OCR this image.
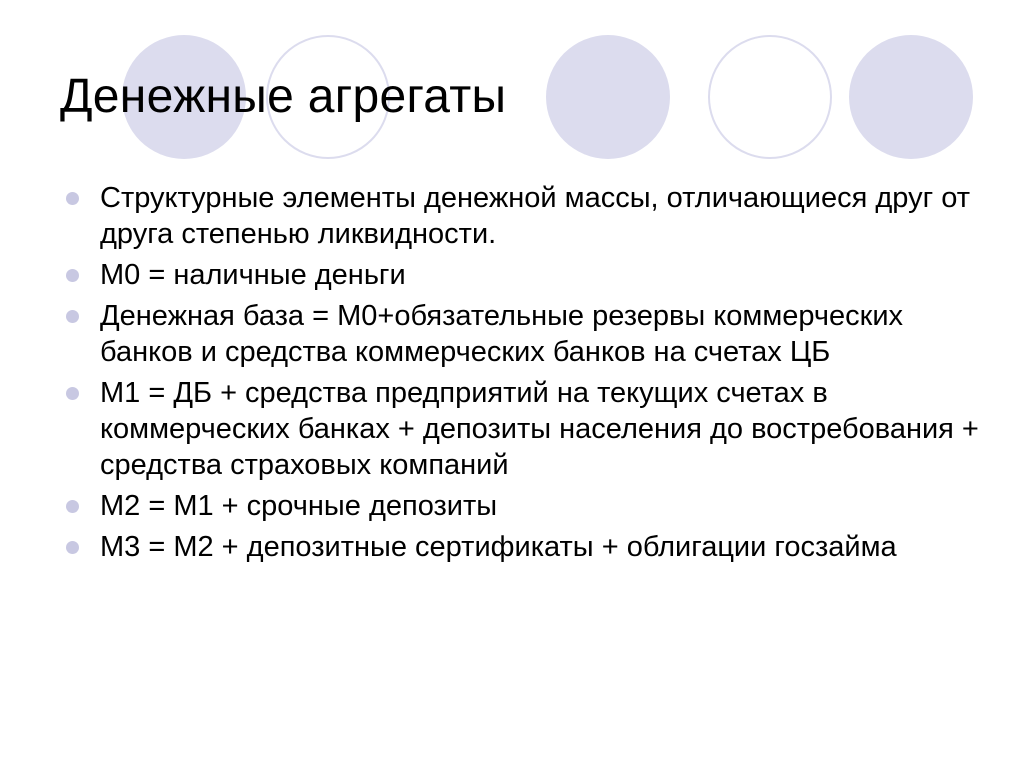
Денежные агрегаты
Структурные элементы денежной массы, отличающиеся друг от друга степенью ликвидности.
М0 = наличные деньги
Денежная база = М0+обязательные резервы коммерческих банков и средства коммерческих банков на счетах ЦБ
М1 = ДБ + средства предприятий на текущих счетах в коммерческих банках + депозиты населения до востребования + средства страховых компаний
М2 = М1 + срочные депозиты
М3 = М2 + депозитные сертификаты + облигации госзайма
